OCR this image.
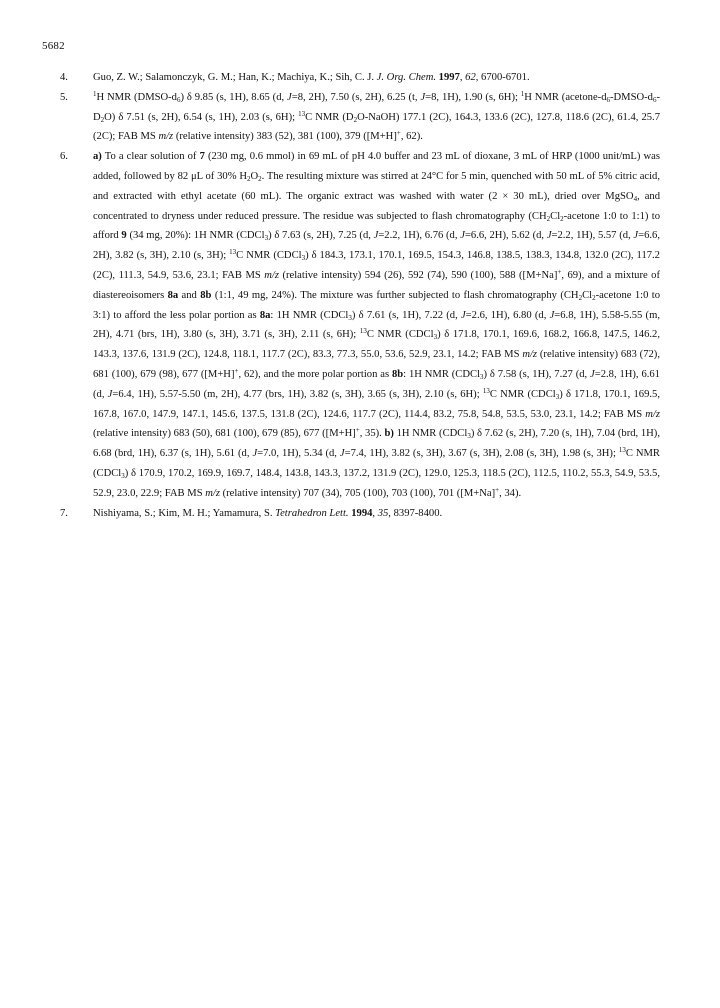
5682
4. Guo, Z. W.; Salamonczyk, G. M.; Han, K.; Machiya, K.; Sih, C. J. J. Org. Chem. 1997, 62, 6700-6701.
5.	$^1$H NMR $(DMSO-d_6)$ δ 9.85 (s, 1H), 8.65 (d, J=8, 2H), 7.50 (s, 2H), 6.25 (t, J=8, 1H), 1.90 (s, 6H); $^1$H NMR $(acetone-d_6-DMSO-d_6-D_2O)$ δ 7.51 (s, 2H), 6.54 (s, 1H), 2.03 (s, 6H); $^{13}$C NMR $(D_2O-NaOH)$ 177.1 (2C), 164.3, 133.6 (2C), 127.8, 118.6 (2C), 61.4, 25.7 (2C); FAB MS m/z (relative intensity) 383 (52), 381 (100), 379 ([M+H]+, 62).
6. a) To a clear solution of 7 (230 mg, 0.6 mmol) in 69 mL of pH 4.0 buffer and 23 mL of dioxane, 3 mL of HRP (1000 unit/mL) was added, followed by 82 μL of 30% $H_2O_2$. The resulting mixture was stirred at 24°C for 5 min, quenched with 50 mL of 5% citric acid, and extracted with ethyl acetate (60 mL). The organic extract was washed with water (2 × 30 mL), dried over MgSO$_4$, and concentrated to dryness under reduced pressure. The residue was subjected to flash chromatography ($CH_2Cl_2$-acetone 1:0 to 1:1) to afford 9 (34 mg, 20%): 1H NMR (CDCl$_3$) δ 7.63 (s, 2H), 7.25 (d, J=2.2, 1H), 6.76 (d, J=6.6, 2H), 5.62 (d, J=2.2, 1H), 5.57 (d, J=6.6, 2H), 3.82 (s, 3H), 2.10 (s, 3H); $^{13}$C NMR (CDCl$_3$) δ 184.3, 173.1, 170.1, 169.5, 154.3, 146.8, 138.5, 138.3, 134.8, 132.0 (2C), 117.2 (2C), 111.3, 54.9, 53.6, 23.1; FAB MS m/z (relative intensity) 594 (26), 592 (74), 590 (100), 588 ([M+Na]+, 69), and a mixture of diastereoisomers 8a and 8b (1:1, 49 mg, 24%). The mixture was further subjected to flash chromatography ($CH_2Cl_2$-acetone 1:0 to 3:1) to afford the less polar portion as 8a: 1H NMR (CDCl$_3$) δ 7.61 (s, 1H), 7.22 (d, J=2.6, 1H), 6.80 (d, J=6.8, 1H), 5.58-5.55 (m, 2H), 4.71 (brs, 1H), 3.80 (s, 3H), 3.71 (s, 3H), 2.11 (s, 6H); $^{13}$C NMR (CDCl$_3$) δ 171.8, 170.1, 169.6, 168.2, 166.8, 147.5, 146.2, 143.3, 137.6, 131.9 (2C), 124.8, 118.1, 117.7 (2C), 83.3, 77.3, 55.0, 53.6, 52.9, 23.1, 14.2; FAB MS m/z (relative intensity) 683 (72), 681 (100), 679 (98), 677 ([M+H]+, 62), and the more polar portion as 8b: 1H NMR (CDCl$_3$) δ 7.58 (s, 1H), 7.27 (d, J=2.8, 1H), 6.61 (d, J=6.4, 1H), 5.57-5.50 (m, 2H), 4.77 (brs, 1H), 3.82 (s, 3H), 3.65 (s, 3H), 2.10 (s, 6H); $^{13}$C NMR (CDCl$_3$) δ 171.8, 170.1, 169.5, 167.8, 167.0, 147.9, 147.1, 145.6, 137.5, 131.8 (2C), 124.6, 117.7 (2C), 114.4, 83.2, 75.8, 54.8, 53.5, 53.0, 23.1, 14.2; FAB MS m/z (relative intensity) 683 (50), 681 (100), 679 (85), 677 ([M+H]+, 35). b) 1H NMR (CDCl$_3$) δ 7.62 (s, 2H), 7.20 (s, 1H), 7.04 (brd, 1H), 6.68 (brd, 1H), 6.37 (s, 1H), 5.61 (d, J=7.0, 1H), 5.34 (d, J=7.4, 1H), 3.82 (s, 3H), 3.67 (s, 3H), 2.08 (s, 3H), 1.98 (s, 3H); $^{13}$C NMR (CDCl$_3$) δ 170.9, 170.2, 169.9, 169.7, 148.4, 143.8, 143.3, 137.2, 131.9 (2C), 129.0, 125.3, 118.5 (2C), 112.5, 110.2, 55.3, 54.9, 53.5, 52.9, 23.0, 22.9; FAB MS m/z (relative intensity) 707 (34), 705 (100), 703 (100), 701 ([M+Na]+, 34).
7. Nishiyama, S.; Kim, M. H.; Yamamura, S. Tetrahedron Lett. 1994, 35, 8397-8400.
